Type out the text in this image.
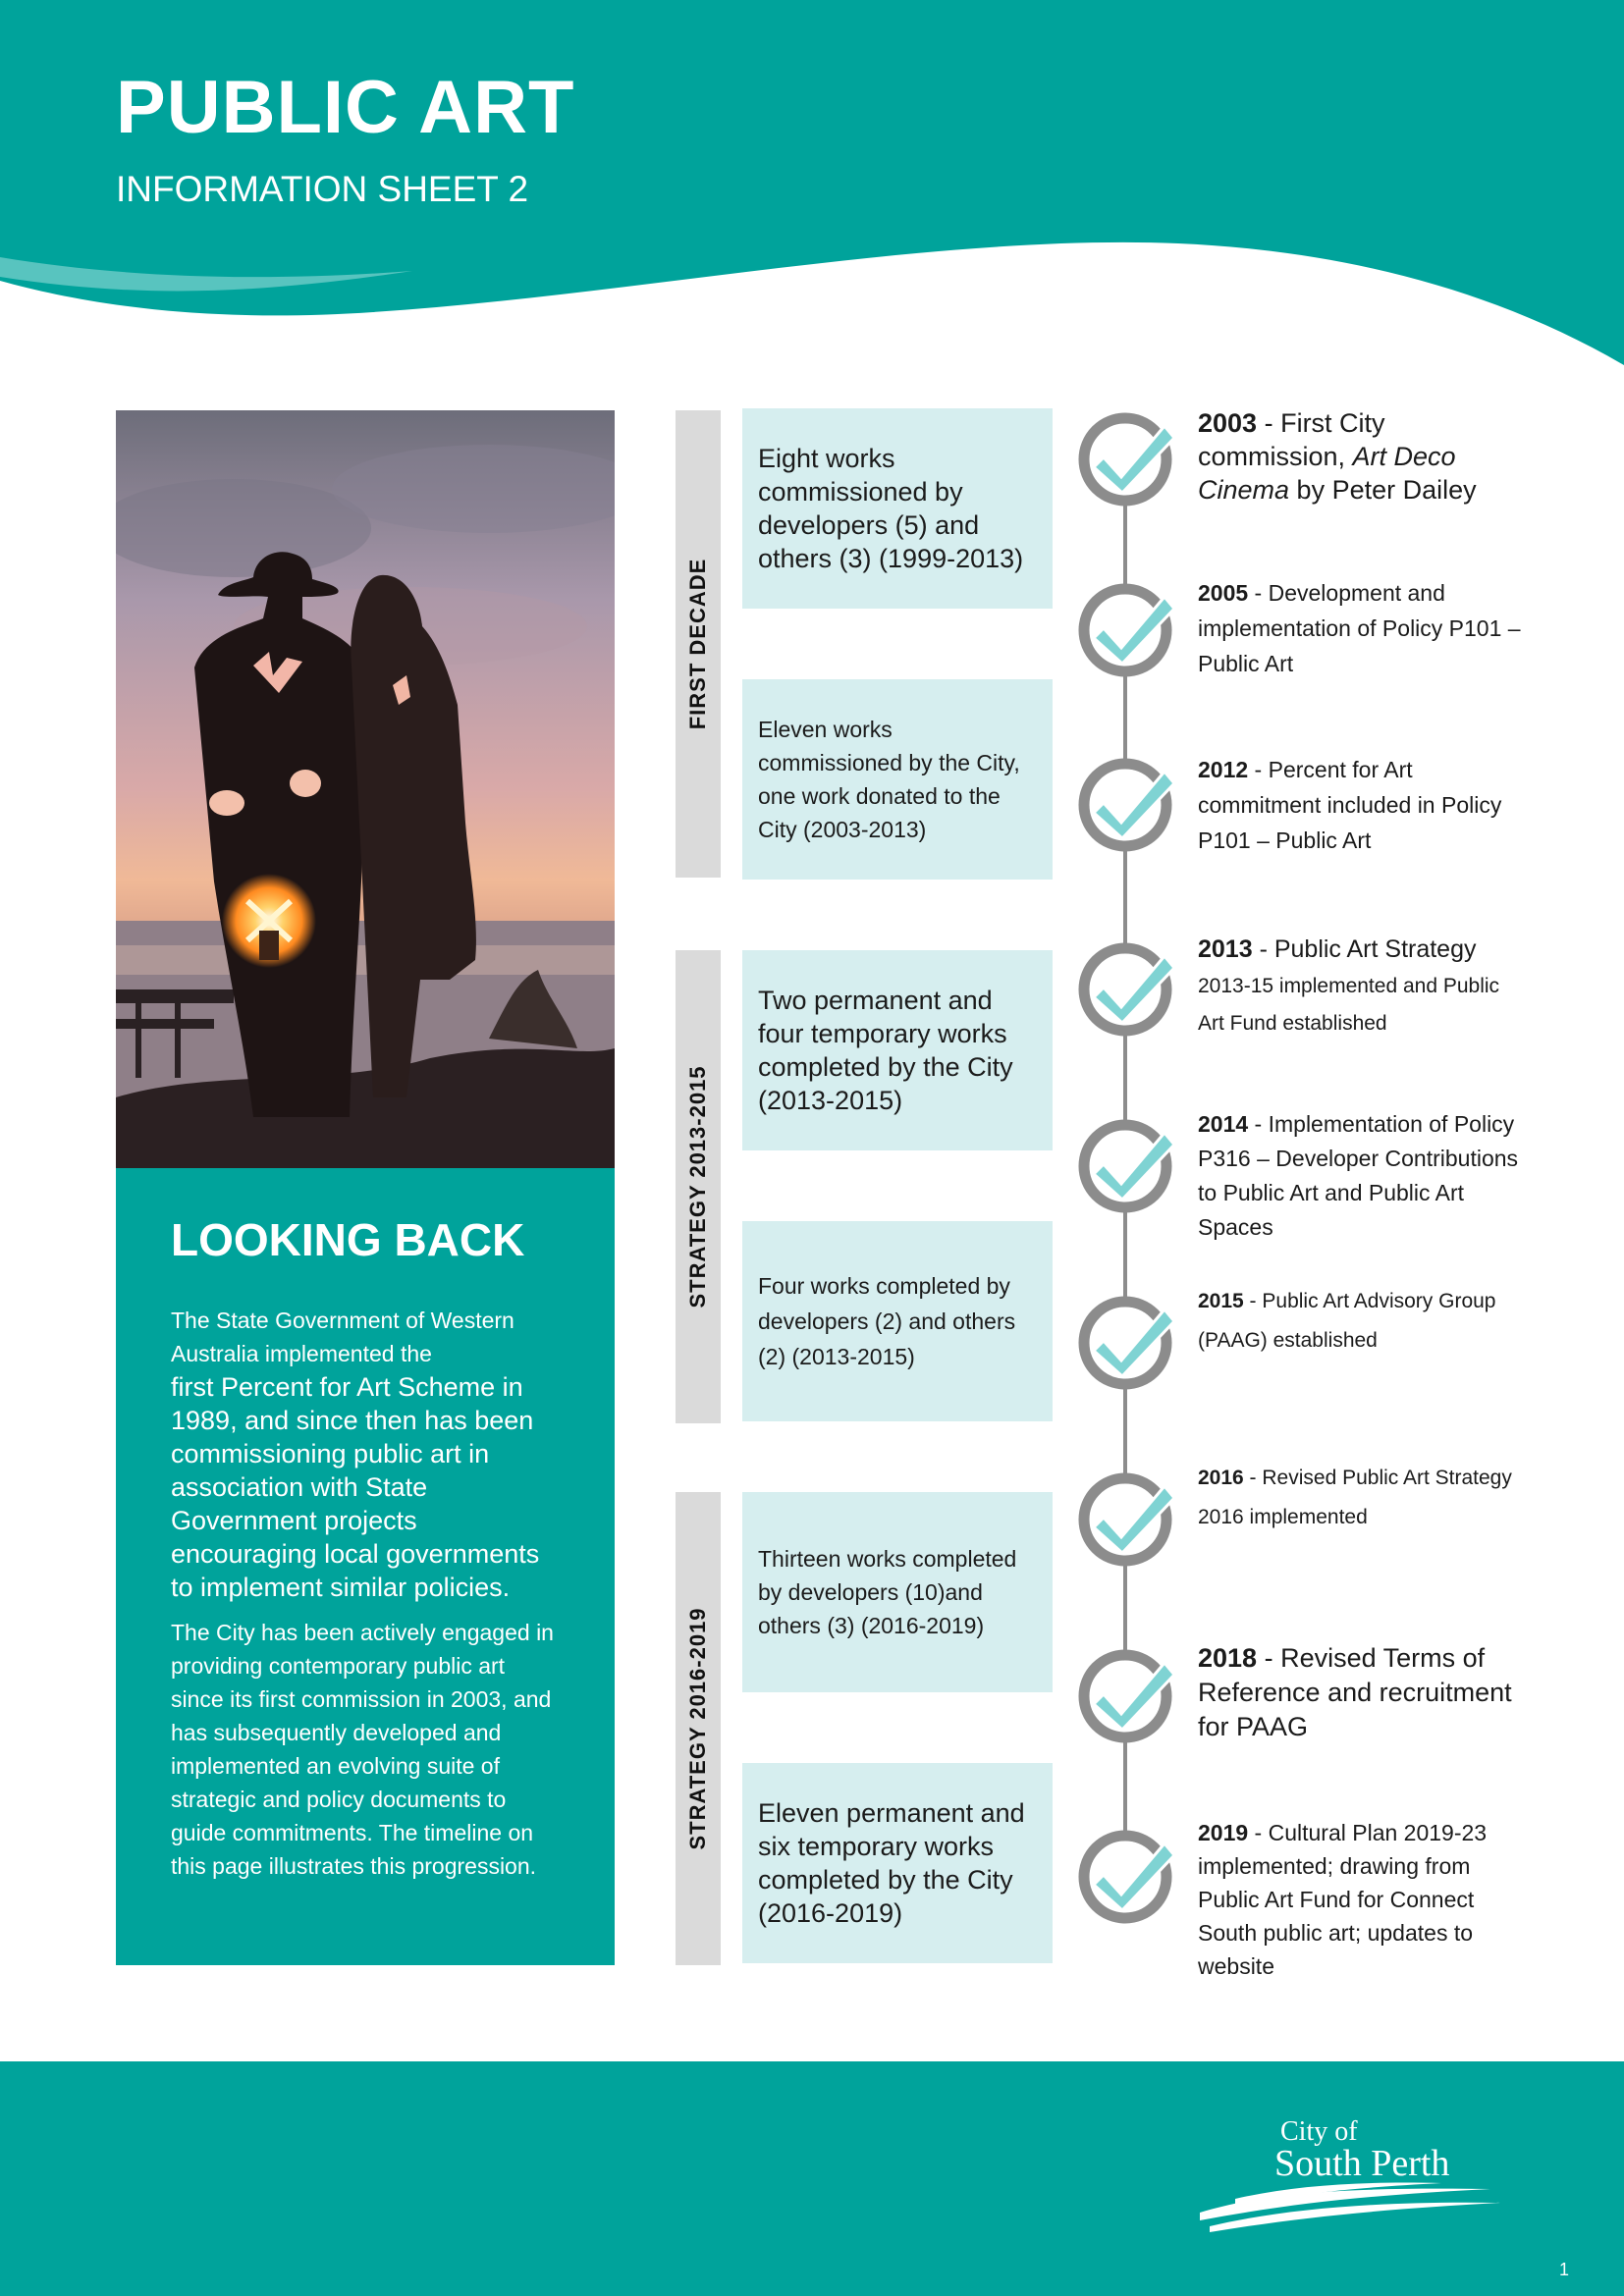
PUBLIC ART
INFORMATION SHEET 2
LOOKING BACK
The State Government of Western Australia implemented the
first Percent for Art Scheme in 1989, and since then has been commissioning public art in association with State Government projects encouraging local governments to implement similar policies.
The City has been actively engaged in providing contemporary public art since its first commission in 2003, and has subsequently developed and implemented an evolving suite of strategic and policy documents to guide commitments. The timeline on this page illustrates this progression.
FIRST DECADE
STRATEGY 2013-2015
STRATEGY 2016-2019
Eight works commissioned by developers (5) and others (3) (1999-2013)
Eleven works commissioned by the City, one work donated to the City (2003-2013)
Two permanent and four temporary works completed by the City (2013-2015)
Four works completed by developers (2) and others (2) (2013-2015)
Thirteen works completed by developers (10)and others (3) (2016-2019)
Eleven permanent and six temporary works completed by the City (2016-2019)
2003 - First City commission, Art Deco Cinema by Peter Dailey
2005 - Development and implementation of Policy P101 – Public Art
2012 - Percent for Art commitment included in Policy P101 – Public Art
2013 - Public Art Strategy
2013-15 implemented and Public Art Fund established
2014 - Implementation of Policy P316 – Developer Contributions to Public Art and Public Art Spaces
2015 - Public Art Advisory Group (PAAG) established
2016 - Revised Public Art Strategy 2016 implemented
2018 - Revised Terms of Reference and recruitment for PAAG
2019 - Cultural Plan 2019-23 implemented; drawing from Public Art Fund for Connect South public art; updates to website
City of
South Perth
1
